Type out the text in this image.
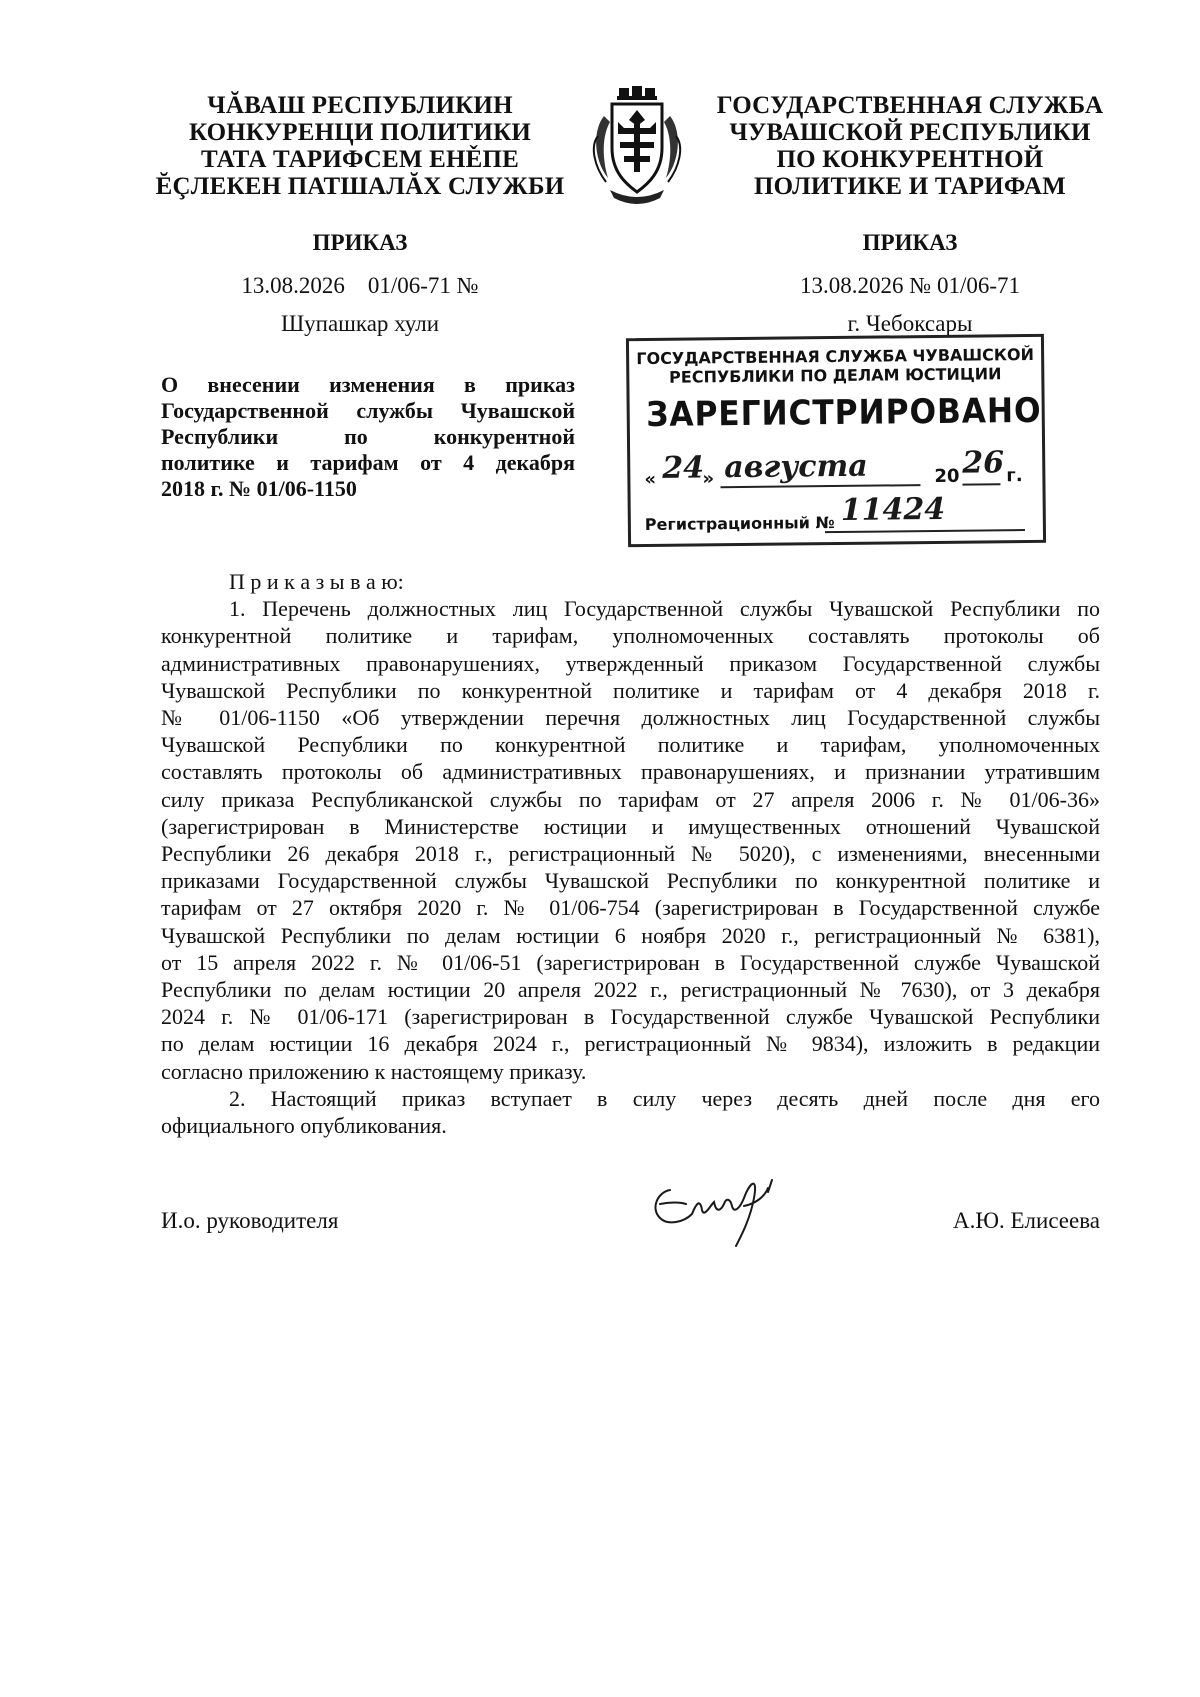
ЧĂВАШ РЕСПУБЛИКИН
КОНКУРЕНЦИ ПОЛИТИКИ
ТАТА ТАРИФСЕМ ЕНĚПЕ
ĔÇЛЕКЕН ПАТШАЛĂХ СЛУЖБИ
ГОСУДАРСТВЕННАЯ СЛУЖБА
ЧУВАШСКОЙ РЕСПУБЛИКИ
ПО КОНКУРЕНТНОЙ
ПОЛИТИКЕ И ТАРИФАМ
ПРИКАЗ
13.08.2026 01/06-71 №
Шупашкар хули
ПРИКАЗ
13.08.2026 № 01/06-71
г. Чебоксары
О внесении изменения в приказ
Государственной службы Чувашской
Республики по конкурентной
политике и тарифам от 4 декабря
2018 г. № 01/06-1150
ГОСУДАРСТВЕННАЯ СЛУЖБА ЧУВАШСКОЙ
РЕСПУБЛИКИ ПО ДЕЛАМ ЮСТИЦИИ
ЗАРЕГИСТРИРОВАНО
« 24
» августа	20 26 г.
Регистрационный № 11424
П р и к а з ы в а ю:
1. Перечень должностных лиц Государственной службы Чувашской Республики по
конкурентной политике и тарифам, уполномоченных составлять протоколы об
административных правонарушениях, утвержденный приказом Государственной службы
Чувашской Республики по конкурентной политике и тарифам от 4 декабря 2018 г.
№ 01/06-1150 «Об утверждении перечня должностных лиц Государственной службы
Чувашской Республики по конкурентной политике и тарифам, уполномоченных
составлять протоколы об административных правонарушениях, и признании утратившим
силу приказа Республиканской службы по тарифам от 27 апреля 2006 г. № 01/06-36»
(зарегистрирован в Министерстве юстиции и имущественных отношений Чувашской
Республики 26 декабря 2018 г., регистрационный № 5020), с изменениями, внесенными
приказами Государственной службы Чувашской Республики по конкурентной политике и
тарифам от 27 октября 2020 г. № 01/06-754 (зарегистрирован в Государственной службе
Чувашской Республики по делам юстиции 6 ноября 2020 г., регистрационный № 6381),
от 15 апреля 2022 г. № 01/06-51 (зарегистрирован в Государственной службе Чувашской
Республики по делам юстиции 20 апреля 2022 г., регистрационный № 7630), от 3 декабря
2024 г. № 01/06-171 (зарегистрирован в Государственной службе Чувашской Республики
по делам юстиции 16 декабря 2024 г., регистрационный № 9834), изложить в редакции
согласно приложению к настоящему приказу.
2. Настоящий приказ вступает в силу через десять дней после дня его
официального опубликования.
И.о. руководителя	А.Ю. Елисеева
